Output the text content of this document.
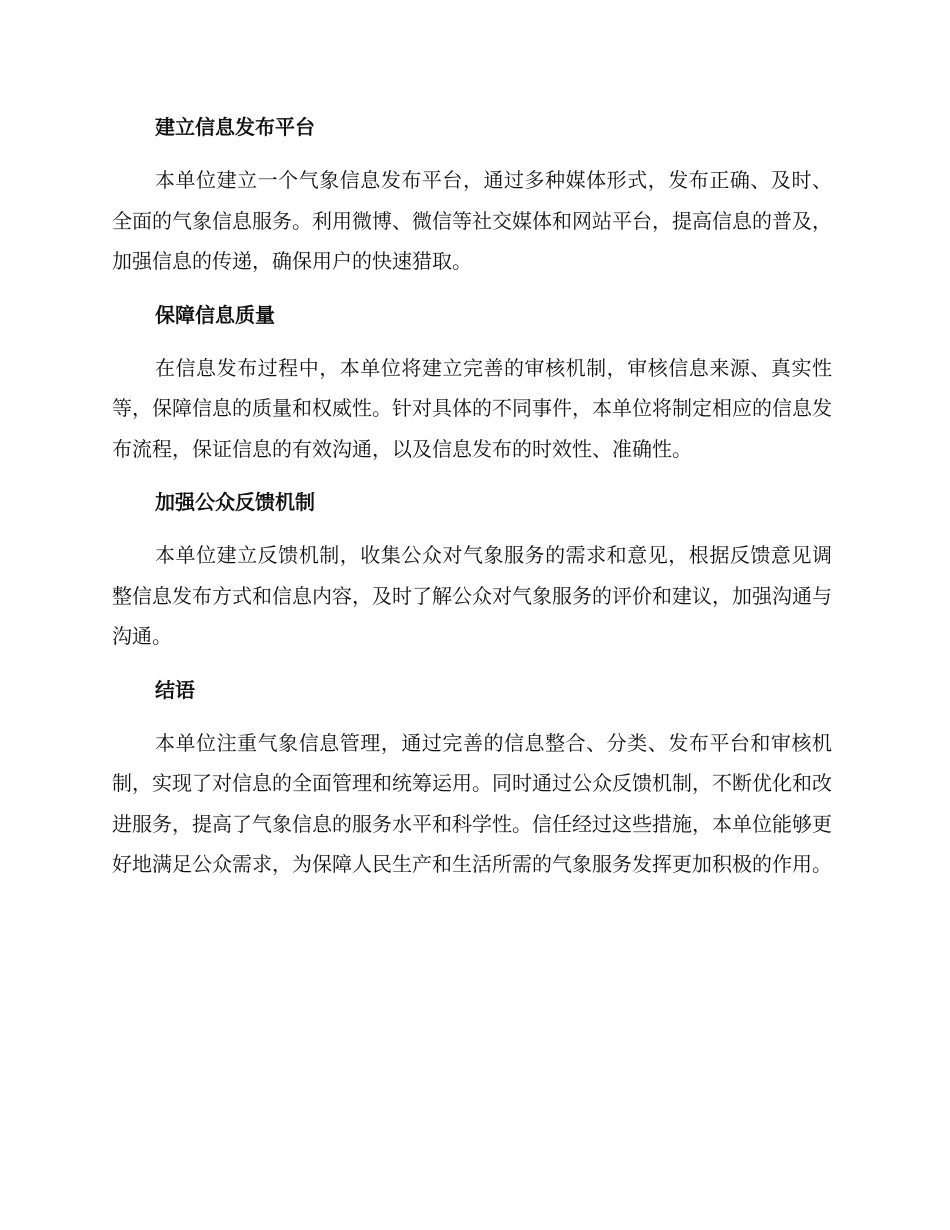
建立信息发布平台

本单位建立一个气象信息发布平台，通过多种媒体形式，发布正确、及时、全面的气象信息服务。利用微博、微信等社交媒体和网站平台，提高信息的普及，加强信息的传递，确保用户的快速猎取。

保障信息质量

在信息发布过程中，本单位将建立完善的审核机制，审核信息来源、真实性等，保障信息的质量和权威性。针对具体的不同事件，本单位将制定相应的信息发布流程，保证信息的有效沟通，以及信息发布的时效性、准确性。

加强公众反馈机制

本单位建立反馈机制，收集公众对气象服务的需求和意见，根据反馈意见调整信息发布方式和信息内容，及时了解公众对气象服务的评价和建议，加强沟通与沟通。

结语

本单位注重气象信息管理，通过完善的信息整合、分类、发布平台和审核机制，实现了对信息的全面管理和统筹运用。同时通过公众反馈机制，不断优化和改进服务，提高了气象信息的服务水平和科学性。信任经过这些措施，本单位能够更好地满足公众需求，为保障人民生产和生活所需的气象服务发挥更加积极的作用。
